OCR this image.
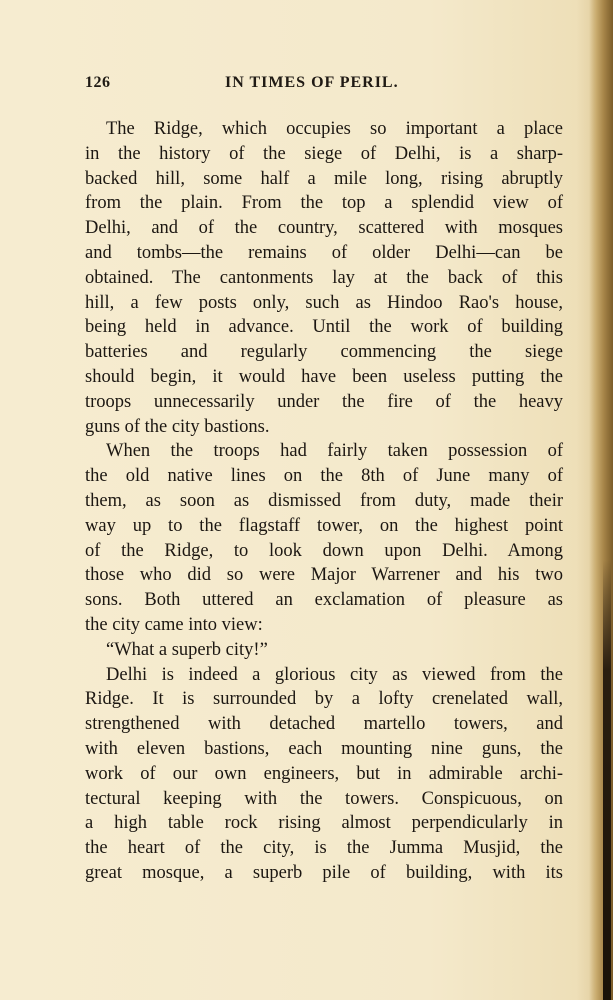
126	IN TIMES OF PERIL.
The Ridge, which occupies so important a place
in the history of the siege of Delhi, is a sharp-
backed hill, some half a mile long, rising abruptly
from the plain. From the top a splendid view of
Delhi, and of the country, scattered with mosques
and tombs—the remains of older Delhi—can be
obtained. The cantonments lay at the back of this
hill, a few posts only, such as Hindoo Rao's house,
being held in advance. Until the work of building
batteries and regularly commencing the siege
should begin, it would have been useless putting the
troops unnecessarily under the fire of the heavy
guns of the city bastions.
When the troops had fairly taken possession of
the old native lines on the 8th of June many of
them, as soon as dismissed from duty, made their
way up to the flagstaff tower, on the highest point
of the Ridge, to look down upon Delhi. Among
those who did so were Major Warrener and his two
sons. Both uttered an exclamation of pleasure as
the city came into view:
“What a superb city!”
Delhi is indeed a glorious city as viewed from the
Ridge. It is surrounded by a lofty crenelated wall,
strengthened with detached martello towers, and
with eleven bastions, each mounting nine guns, the
work of our own engineers, but in admirable archi-
tectural keeping with the towers. Conspicuous, on
a high table rock rising almost perpendicularly in
the heart of the city, is the Jumma Musjid, the
great mosque, a superb pile of building, with its
